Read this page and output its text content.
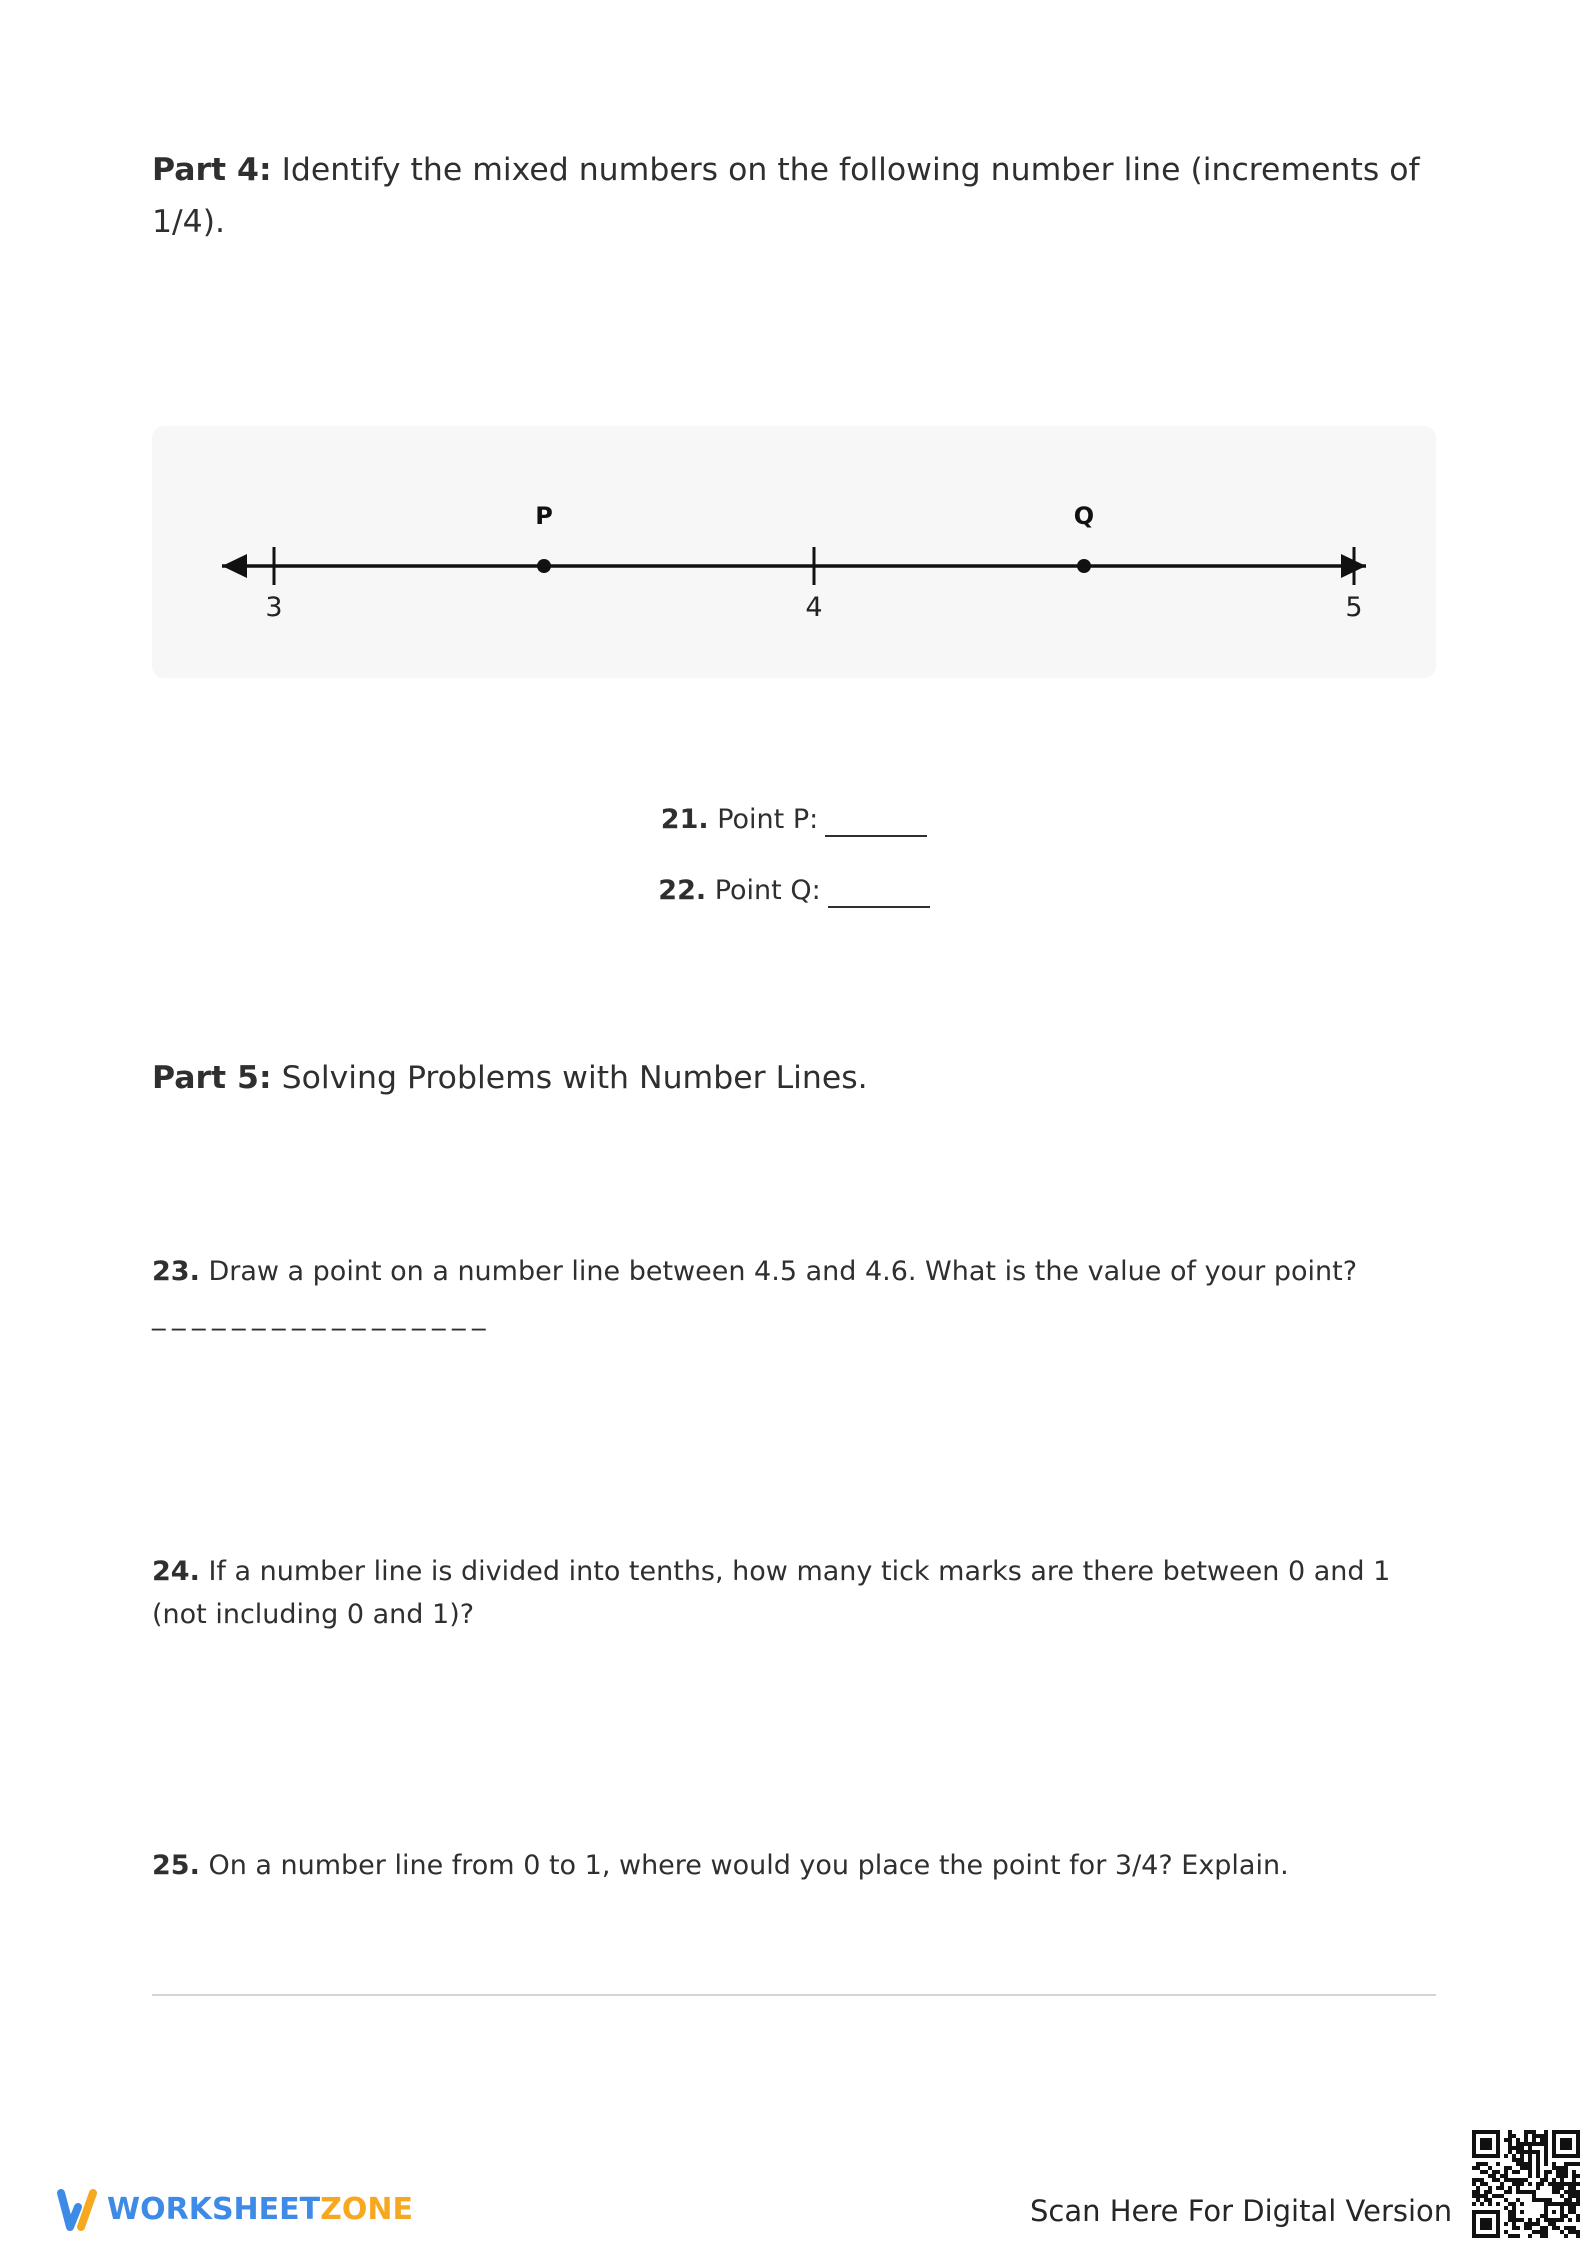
Part 4: Identify the mixed numbers on the following number line (increments of 1/4).

3	4	5
P	Q

21. Point P:

22. Point Q:

Part 5: Solving Problems with Number Lines.

23. Draw a point on a number line between 4.5 and 4.6. What is the value of your point?

_________________

24. If a number line is divided into tenths, how many tick marks are there between 0 and 1 (not including 0 and 1)?

25. On a number line from 0 to 1, where would you place the point for 3/4? Explain.

WORKSHEET ZONE	Scan Here For Digital Version
